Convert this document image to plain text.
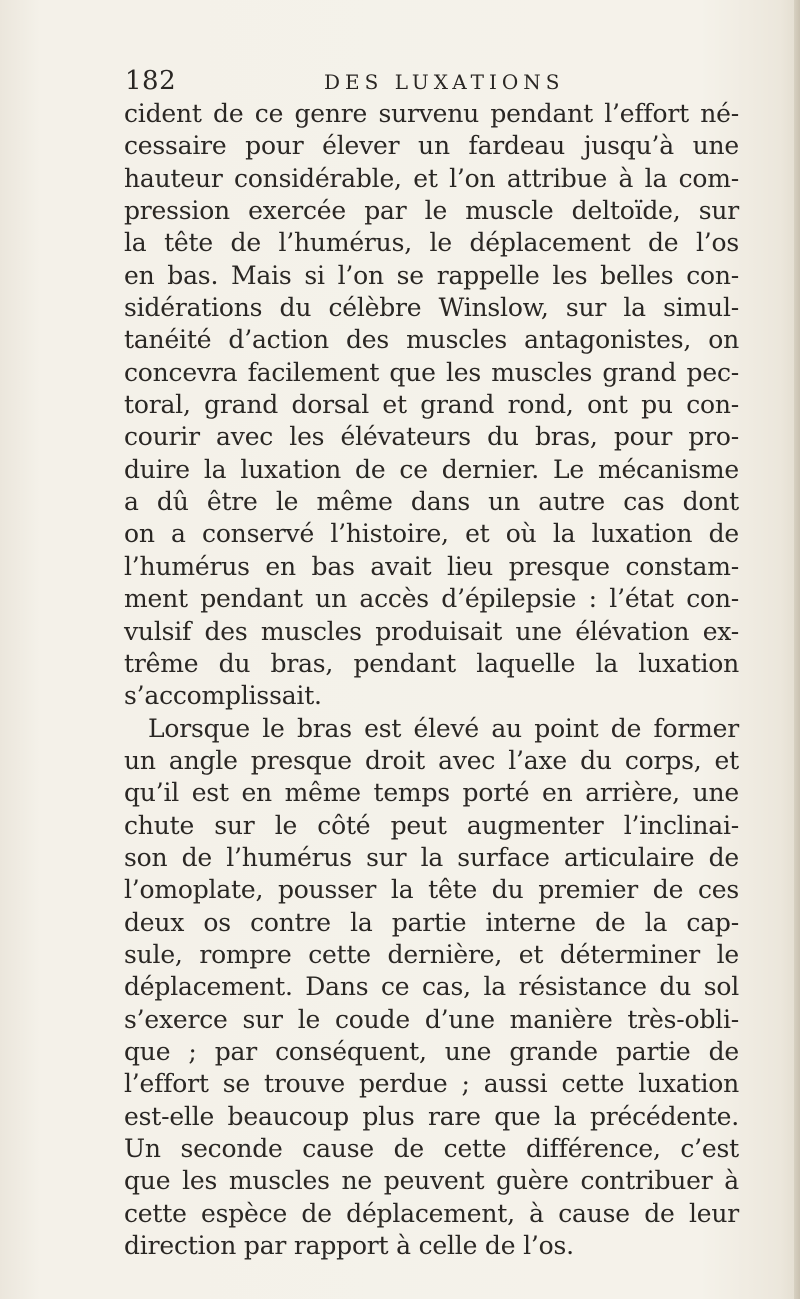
182	DES LUXATIONS
cident de ce genre survenu pendant l’effort né-
cessaire pour élever un fardeau jusqu’à une
hauteur considérable, et l’on attribue à la com-
pression exercée par le muscle deltoïde, sur
la tête de l’humérus, le déplacement de l’os
en bas. Mais si l’on se rappelle les belles con-
sidérations du célèbre Winslow, sur la simul-
tanéité d’action des muscles antagonistes, on
concevra facilement que les muscles grand pec-
toral, grand dorsal et grand rond, ont pu con-
courir avec les élévateurs du bras, pour pro-
duire la luxation de ce dernier. Le mécanisme
a dû être le même dans un autre cas dont
on a conservé l’histoire, et où la luxation de
l’humérus en bas avait lieu presque constam-
ment pendant un accès d’épilepsie : l’état con-
vulsif des muscles produisait une élévation ex-
trême du bras, pendant laquelle la luxation
s’accomplissait.
Lorsque le bras est élevé au point de former
un angle presque droit avec l’axe du corps, et
qu’il est en même temps porté en arrière, une
chute sur le côté peut augmenter l’inclinai-
son de l’humérus sur la surface articulaire de
l’omoplate, pousser la tête du premier de ces
deux os contre la partie interne de la cap-
sule, rompre cette dernière, et déterminer le
déplacement. Dans ce cas, la résistance du sol
s’exerce sur le coude d’une manière très-obli-
que ; par conséquent, une grande partie de
l’effort se trouve perdue ; aussi cette luxation
est-elle beaucoup plus rare que la précédente.
Un seconde cause de cette différence, c’est
que les muscles ne peuvent guère contribuer à
cette espèce de déplacement, à cause de leur
direction par rapport à celle de l’os.
